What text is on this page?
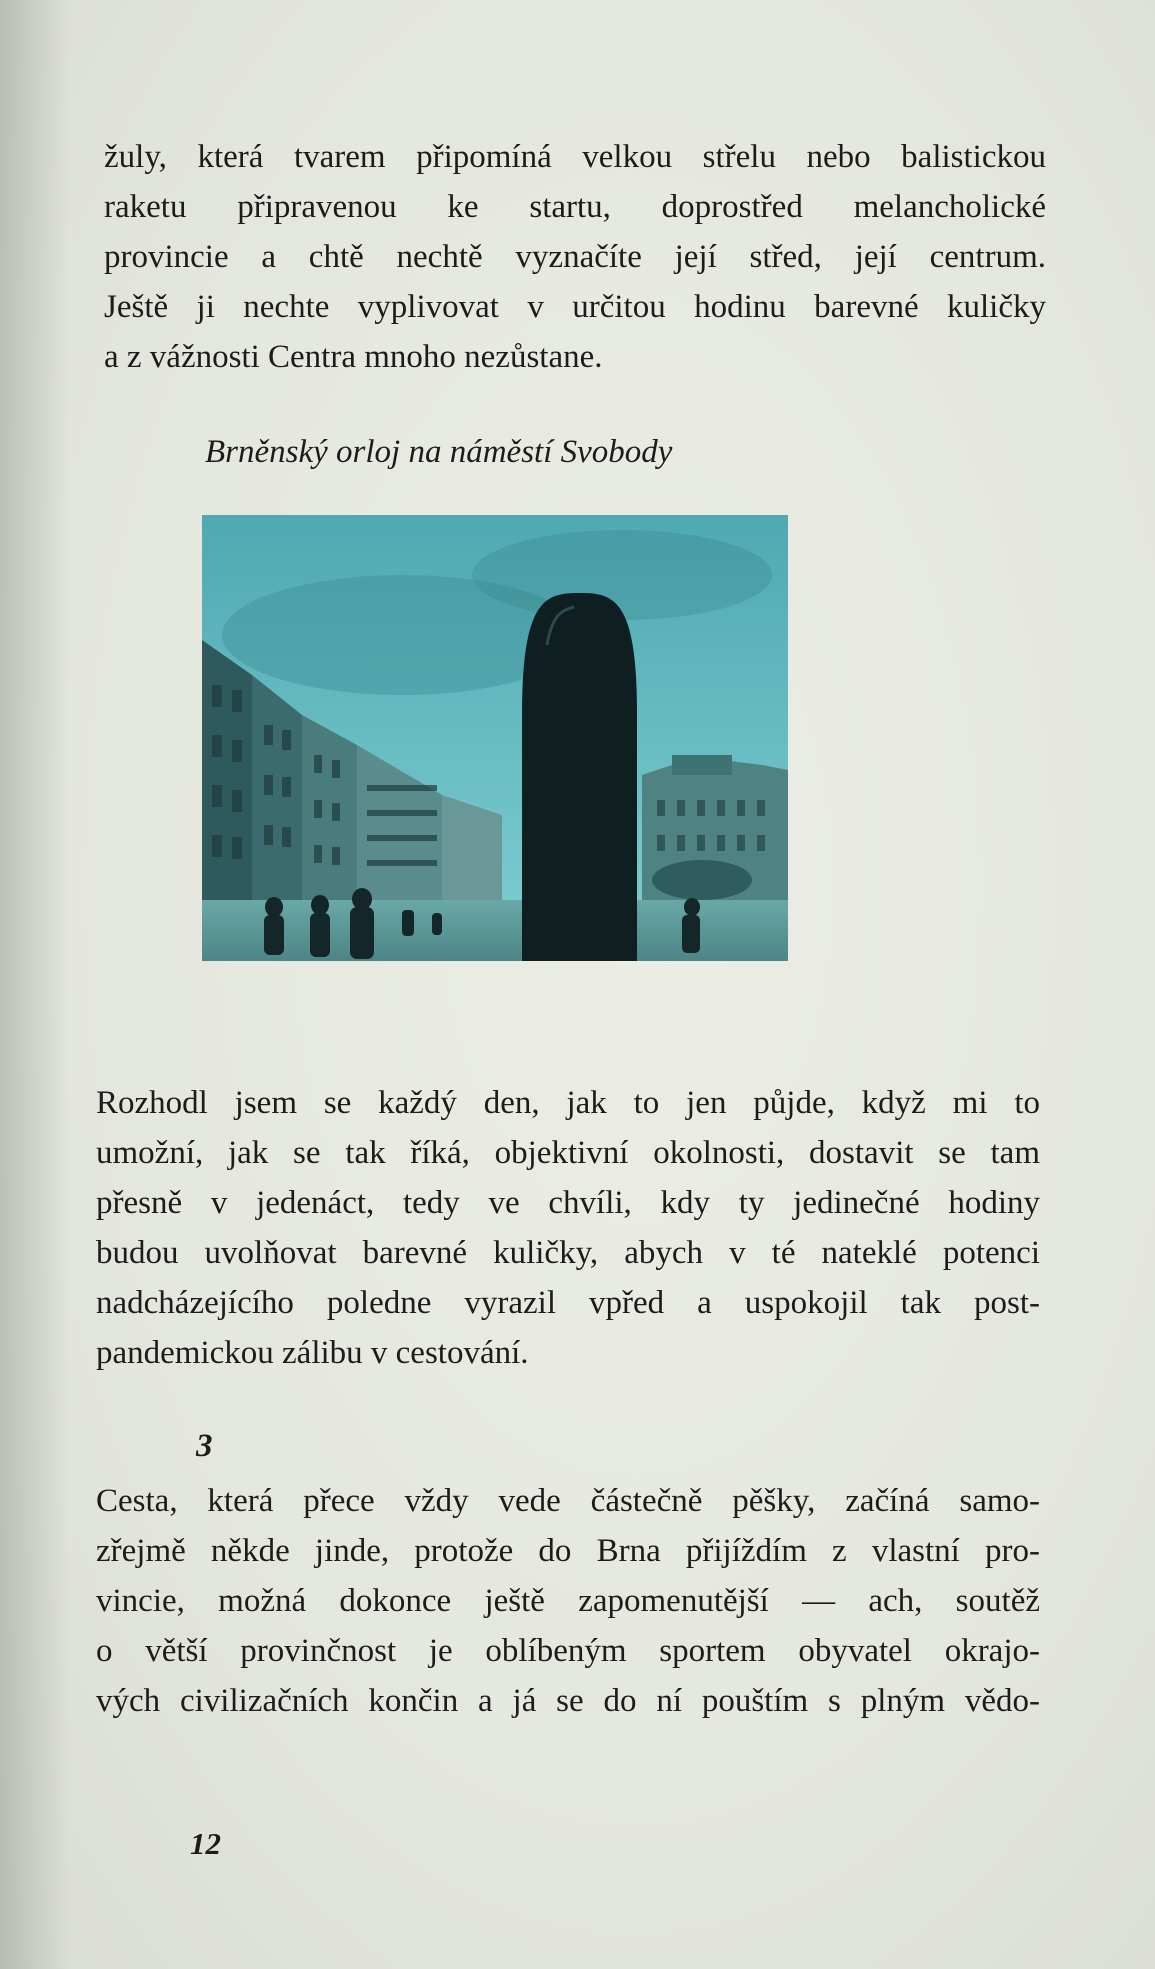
žuly, která tvarem připomíná velkou střelu nebo balistickou
raketu připravenou ke startu, doprostřed melancholické
provincie a chtě nechtě vyznačíte její střed, její centrum.
Ještě ji nechte vyplivovat v určitou hodinu barevné kuličky
a z vážnosti Centra mnoho nezůstane.

Brněnský orloj na náměstí Svobody

Rozhodl jsem se každý den, jak to jen půjde, když mi to
umožní, jak se tak říká, objektivní okolnosti, dostavit se tam
přesně v jedenáct, tedy ve chvíli, kdy ty jedinečné hodiny
budou uvolňovat barevné kuličky, abych v té nateklé potenci
nadcházejícího poledne vyrazil vpřed a uspokojil tak post-
pandemickou zálibu v cestování.

3

Cesta, která přece vždy vede částečně pěšky, začíná samo-
zřejmě někde jinde, protože do Brna přijíždím z vlastní pro-
vincie, možná dokonce ještě zapomenutější — ach, soutěž
o větší provinčnost je oblíbeným sportem obyvatel okrajo-
vých civilizačních končin a já se do ní pouštím s plným vědo-

12
